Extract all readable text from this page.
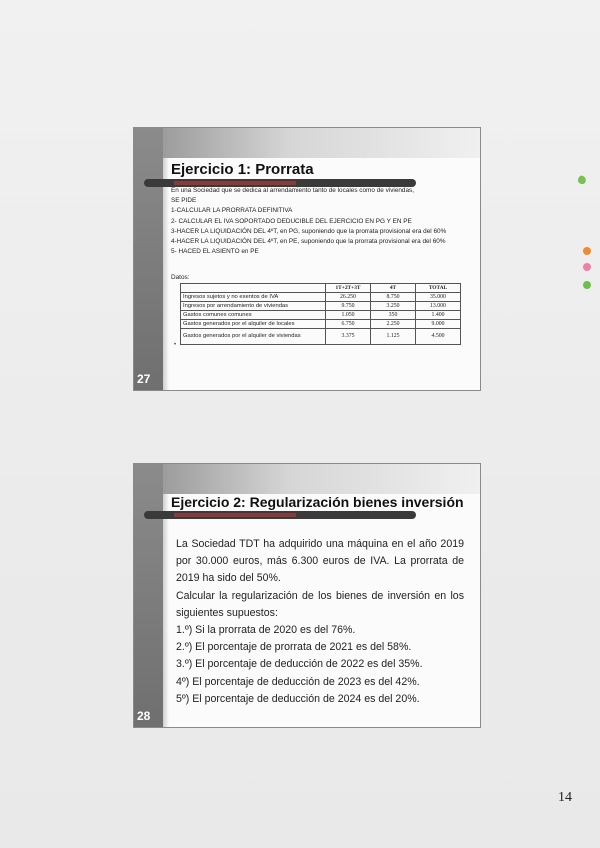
Ejercicio 1: Prorrata
En una Sociedad que se dedica al arrendamiento tanto de locales como de viviendas,
SE PIDE
1-CALCULAR LA PRORRATA DEFINITIVA
2- CALCULAR EL IVA SOPORTADO DEDUCIBLE DEL EJERCICIO EN PG Y EN PE
3-HACER LA LIQUIDACIÓN DEL 4ºT, en PG, suponiendo que la prorrata provisional era del 60%
4-HACER LA LIQUIDACIÓN DEL 4ºT, en PE, suponiendo que la prorrata provisional era del 60%
5- HACED EL ASIENTO en PE
Datos:
	1T+2T+3T	4T	TOTAL
Ingresos sujetos y no exentos de IVA	26.250	8.750	35.000
Ingresos por arrendamiento de viviendas	9.750	3.250	13.000
Gastos comunes comunes	1.050	350	1.400
Gastos generados por el alquiler de locales	6.750	2.250	9.000
Gastos generados por el alquiler de viviendas	3.375	1.125	4.500
•
27
Ejercicio 2: Regularización bienes inversión

La Sociedad TDT ha adquirido una máquina en el año 2019 por 30.000 euros, más 6.300 euros de IVA. La prorrata de 2019 ha sido del 50%.

Calcular la regularización de los bienes de inversión en los siguientes supuestos:

1.º) Si la prorrata de 2020 es del 76%.

2.º) El porcentaje de prorrata de 2021 es del 58%.

3.º) El porcentaje de deducción de 2022 es del 35%.

4º) El porcentaje de deducción de 2023 es del 42%.

5º) El porcentaje de deducción de 2024 es del 20%.

28
14
